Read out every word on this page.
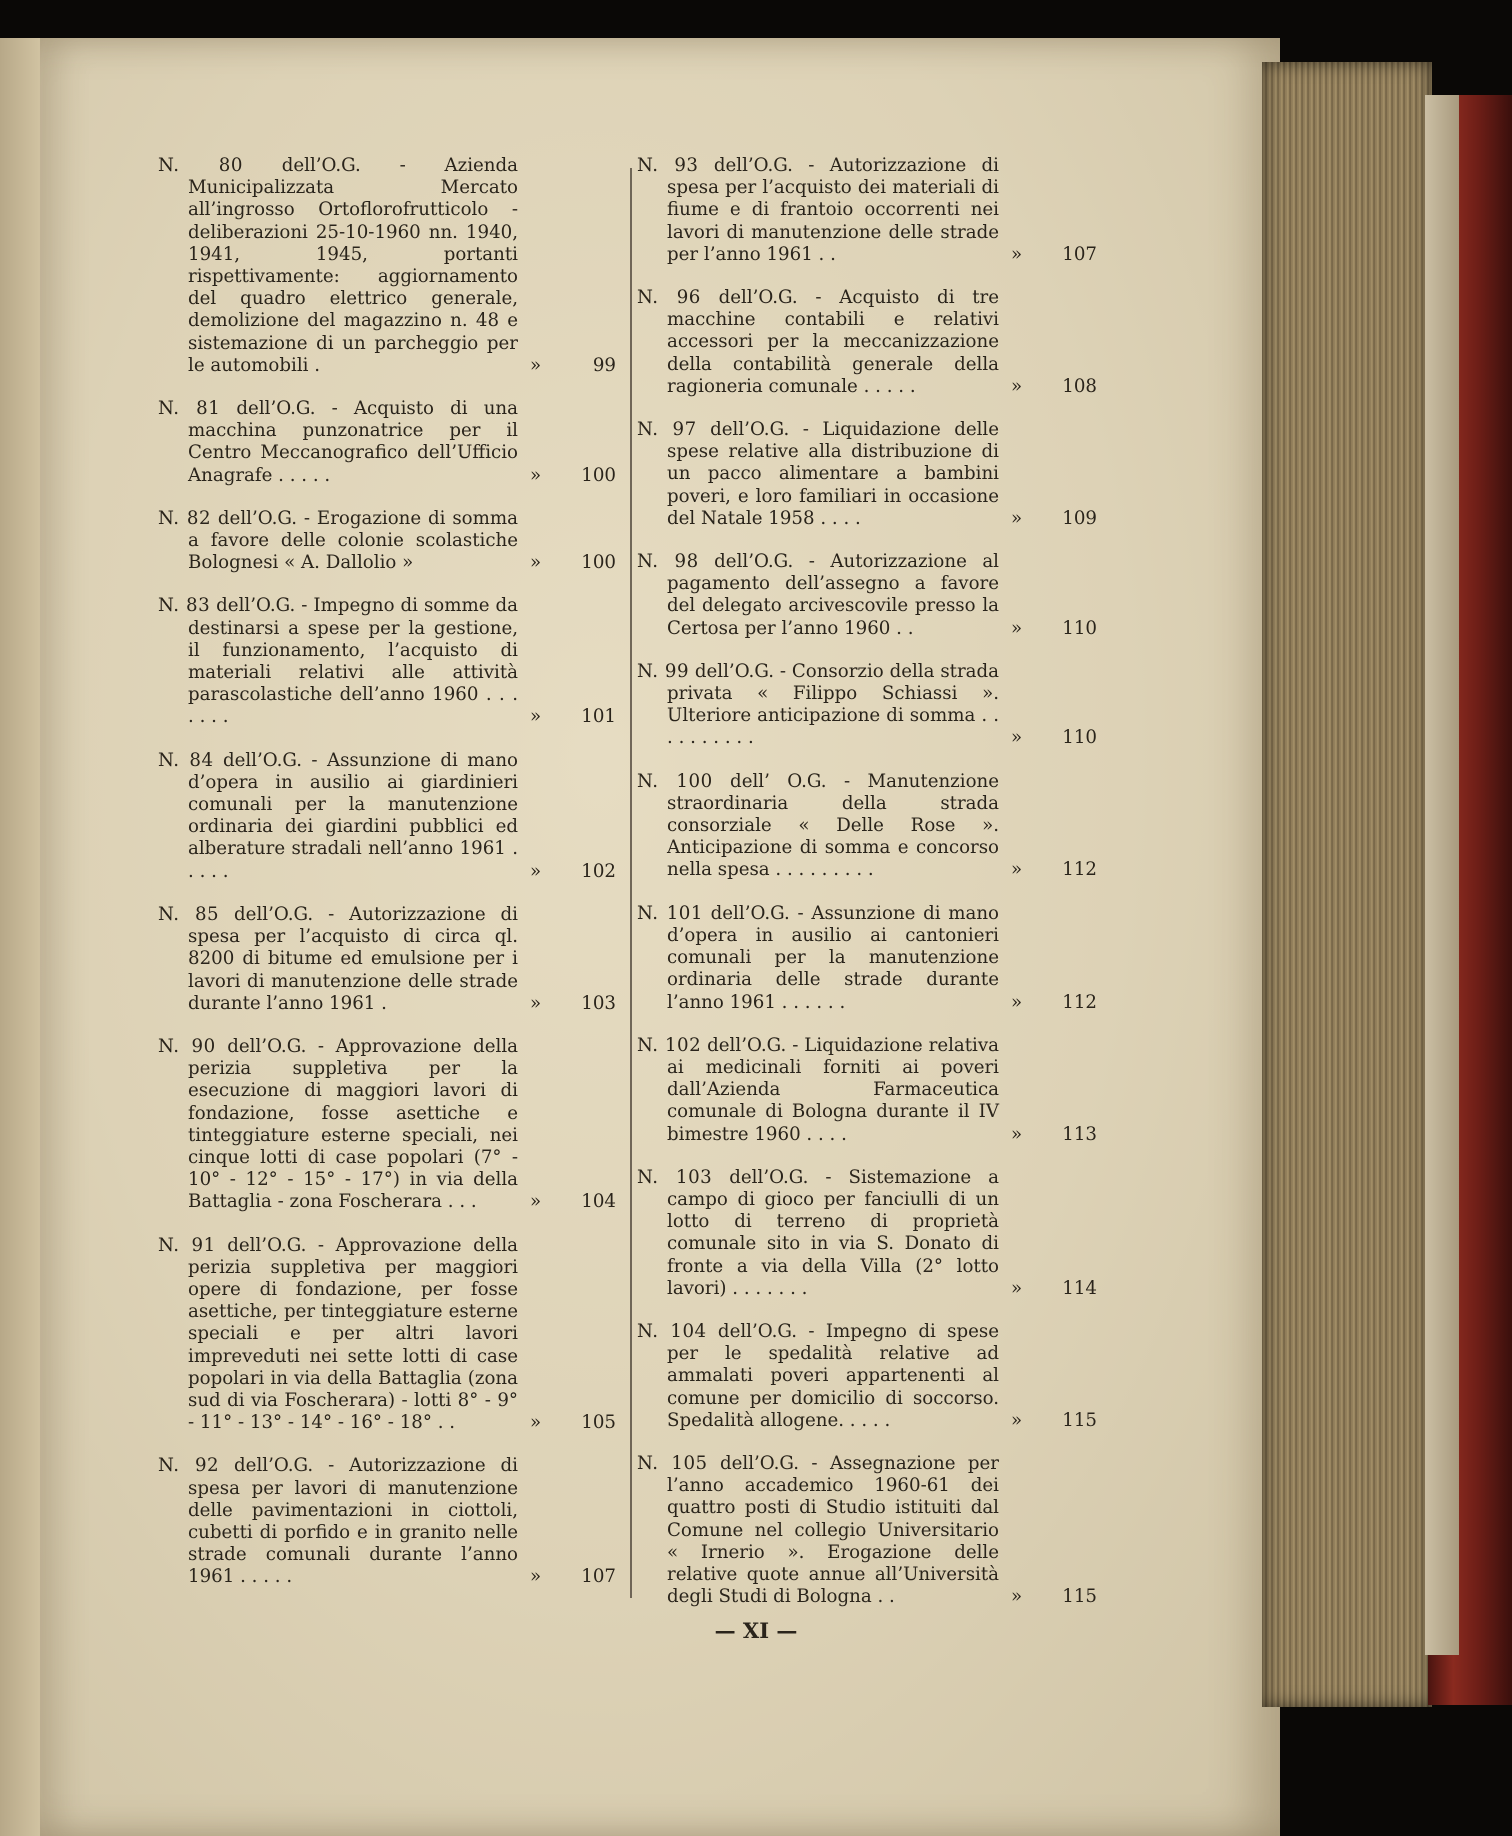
N. 80 dell’O.G. - Azienda Municipalizzata Mercato all’ingrosso Ortoflorofrutticolo - deliberazioni 25-10-1960 nn. 1940, 1941, 1945, portanti rispettivamente: aggiornamento del quadro elettrico generale, demolizione del magazzino n. 48 e sistemazione di un parcheggio per le automobili .	»	99
N. 81 dell’O.G. - Acquisto di una macchina punzonatrice per il Centro Meccanografico dell’Ufficio Anagrafe . . . . .	» 100
N. 82 dell’O.G. - Erogazione di somma a favore delle colonie scolastiche Bolognesi « A. Dallolio »	» 100
N. 83 dell’O.G. - Impegno di somme da destinarsi a spese per la gestione, il funzionamento, l’acquisto di materiali relativi alle attività parascolastiche dell’anno 1960 . . . . . . .	» 101
N. 84 dell’O.G. - Assunzione di mano d’opera in ausilio ai giardinieri comunali per la manutenzione ordinaria dei giardini pubblici ed alberature stradali nell’anno 1961 . . . . .	» 102
N. 85 dell’O.G. - Autorizzazione di spesa per l’acquisto di circa ql. 8200 di bitume ed emulsione per i lavori di manutenzione delle strade durante l’anno 1961 .	» 103
N. 90 dell’O.G. - Approvazione della perizia suppletiva per la esecuzione di maggiori lavori di fondazione, fosse asettiche e tinteggiature esterne speciali, nei cinque lotti di case popolari (7° - 10° - 12° - 15° - 17°) in via della Battaglia - zona Foscherara . . .	» 104
N. 91 dell’O.G. - Approvazione della perizia suppletiva per maggiori opere di fondazione, per fosse asettiche, per tinteggiature esterne speciali e per altri lavori impreveduti nei sette lotti di case popolari in via della Battaglia (zona sud di via Foscherara) - lotti 8° - 9° - 11° - 13° - 14° - 16° - 18° . .	» 105
N. 92 dell’O.G. - Autorizzazione di spesa per lavori di manutenzione delle pavimentazioni in ciottoli, cubetti di porfido e in granito nelle strade comunali durante l’anno 1961 . . . . .	» 107
N. 93 dell’O.G. - Autorizzazione di spesa per l’acquisto dei materiali di fiume e di frantoio occorrenti nei lavori di manutenzione delle strade per l’anno 1961 . .	» 107
N. 96 dell’O.G. - Acquisto di tre macchine contabili e relativi accessori per la meccanizzazione della contabilità generale della ragioneria comunale . . . . .	» 108
N. 97 dell’O.G. - Liquidazione delle spese relative alla distribuzione di un pacco alimentare a bambini poveri, e loro familiari in occasione del Natale 1958 . . . .	» 109
N. 98 dell’O.G. - Autorizzazione al pagamento dell’assegno a favore del delegato arcivescovile presso la Certosa per l’anno 1960 . .	» 110
N. 99 dell’O.G. - Consorzio della strada privata « Filippo Schiassi ». Ulteriore anticipazione di somma . . . . . . . . . .	» 110
N. 100 dell’ O.G. - Manutenzione straordinaria della strada consorziale « Delle Rose ». Anticipazione di somma e concorso nella spesa . . . . . . . . .	» 112
N. 101 dell’O.G. - Assunzione di mano d’opera in ausilio ai cantonieri comunali per la manutenzione ordinaria delle strade durante l’anno 1961 . . . . . .	» 112
N. 102 dell’O.G. - Liquidazione relativa ai medicinali forniti ai poveri dall’Azienda Farmaceutica comunale di Bologna durante il IV bimestre 1960 . . . .	» 113
N. 103 dell’O.G. - Sistemazione a campo di gioco per fanciulli di un lotto di terreno di proprietà comunale sito in via S. Donato di fronte a via della Villa (2° lotto lavori) . . . . . . .	» 114
N. 104 dell’O.G. - Impegno di spese per le spedalità relative ad ammalati poveri appartenenti al comune per domicilio di soccorso. Spedalità allogene. . . . .	» 115
N. 105 dell’O.G. - Assegnazione per l’anno accademico 1960-61 dei quattro posti di Studio istituiti dal Comune nel collegio Universitario « Irnerio ». Erogazione delle relative quote annue all’Università degli Studi di Bologna . .	» 115
— XI —
